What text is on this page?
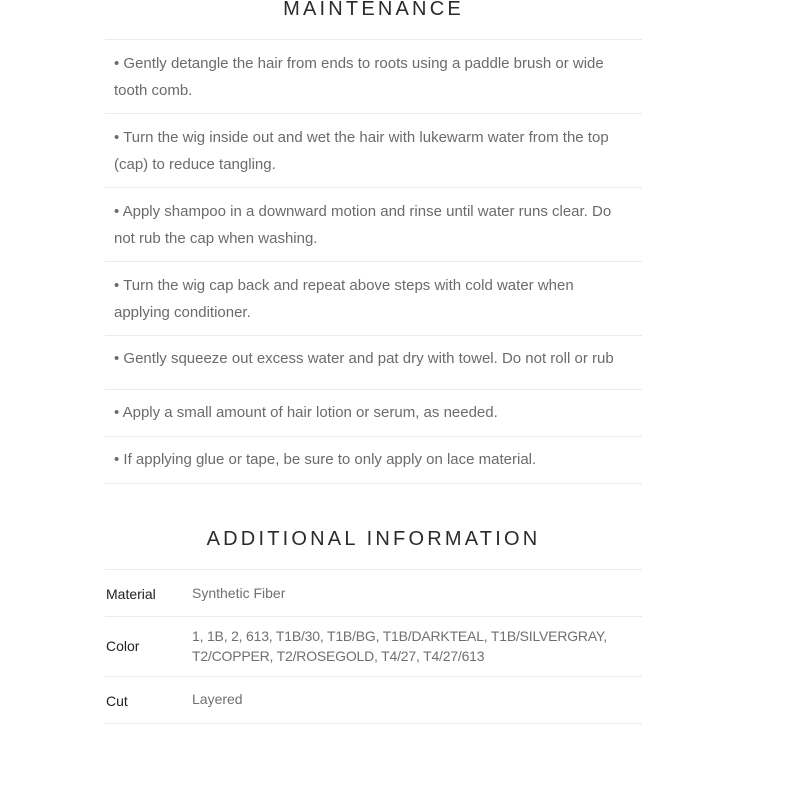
MAINTENANCE
• Gently detangle the hair from ends to roots using a paddle brush or wide tooth comb.
• Turn the wig inside out and wet the hair with lukewarm water from the top (cap) to reduce tangling.
• Apply shampoo in a downward motion and rinse until water runs clear. Do not rub the cap when washing.
• Turn the wig cap back and repeat above steps with cold water when applying conditioner.
• Gently squeeze out excess water and pat dry with towel. Do not roll or rub
• Apply a small amount of hair lotion or serum, as needed.
• If applying glue or tape, be sure to only apply on lace material.
ADDITIONAL INFORMATION
Material	Synthetic Fiber
Color
1, 1B, 2, 613, T1B/30, T1B/BG, T1B/DARKTEAL, T1B/SILVERGRAY, T2/COPPER, T2/ROSEGOLD, T4/27, T4/27/613
Cut	Layered
